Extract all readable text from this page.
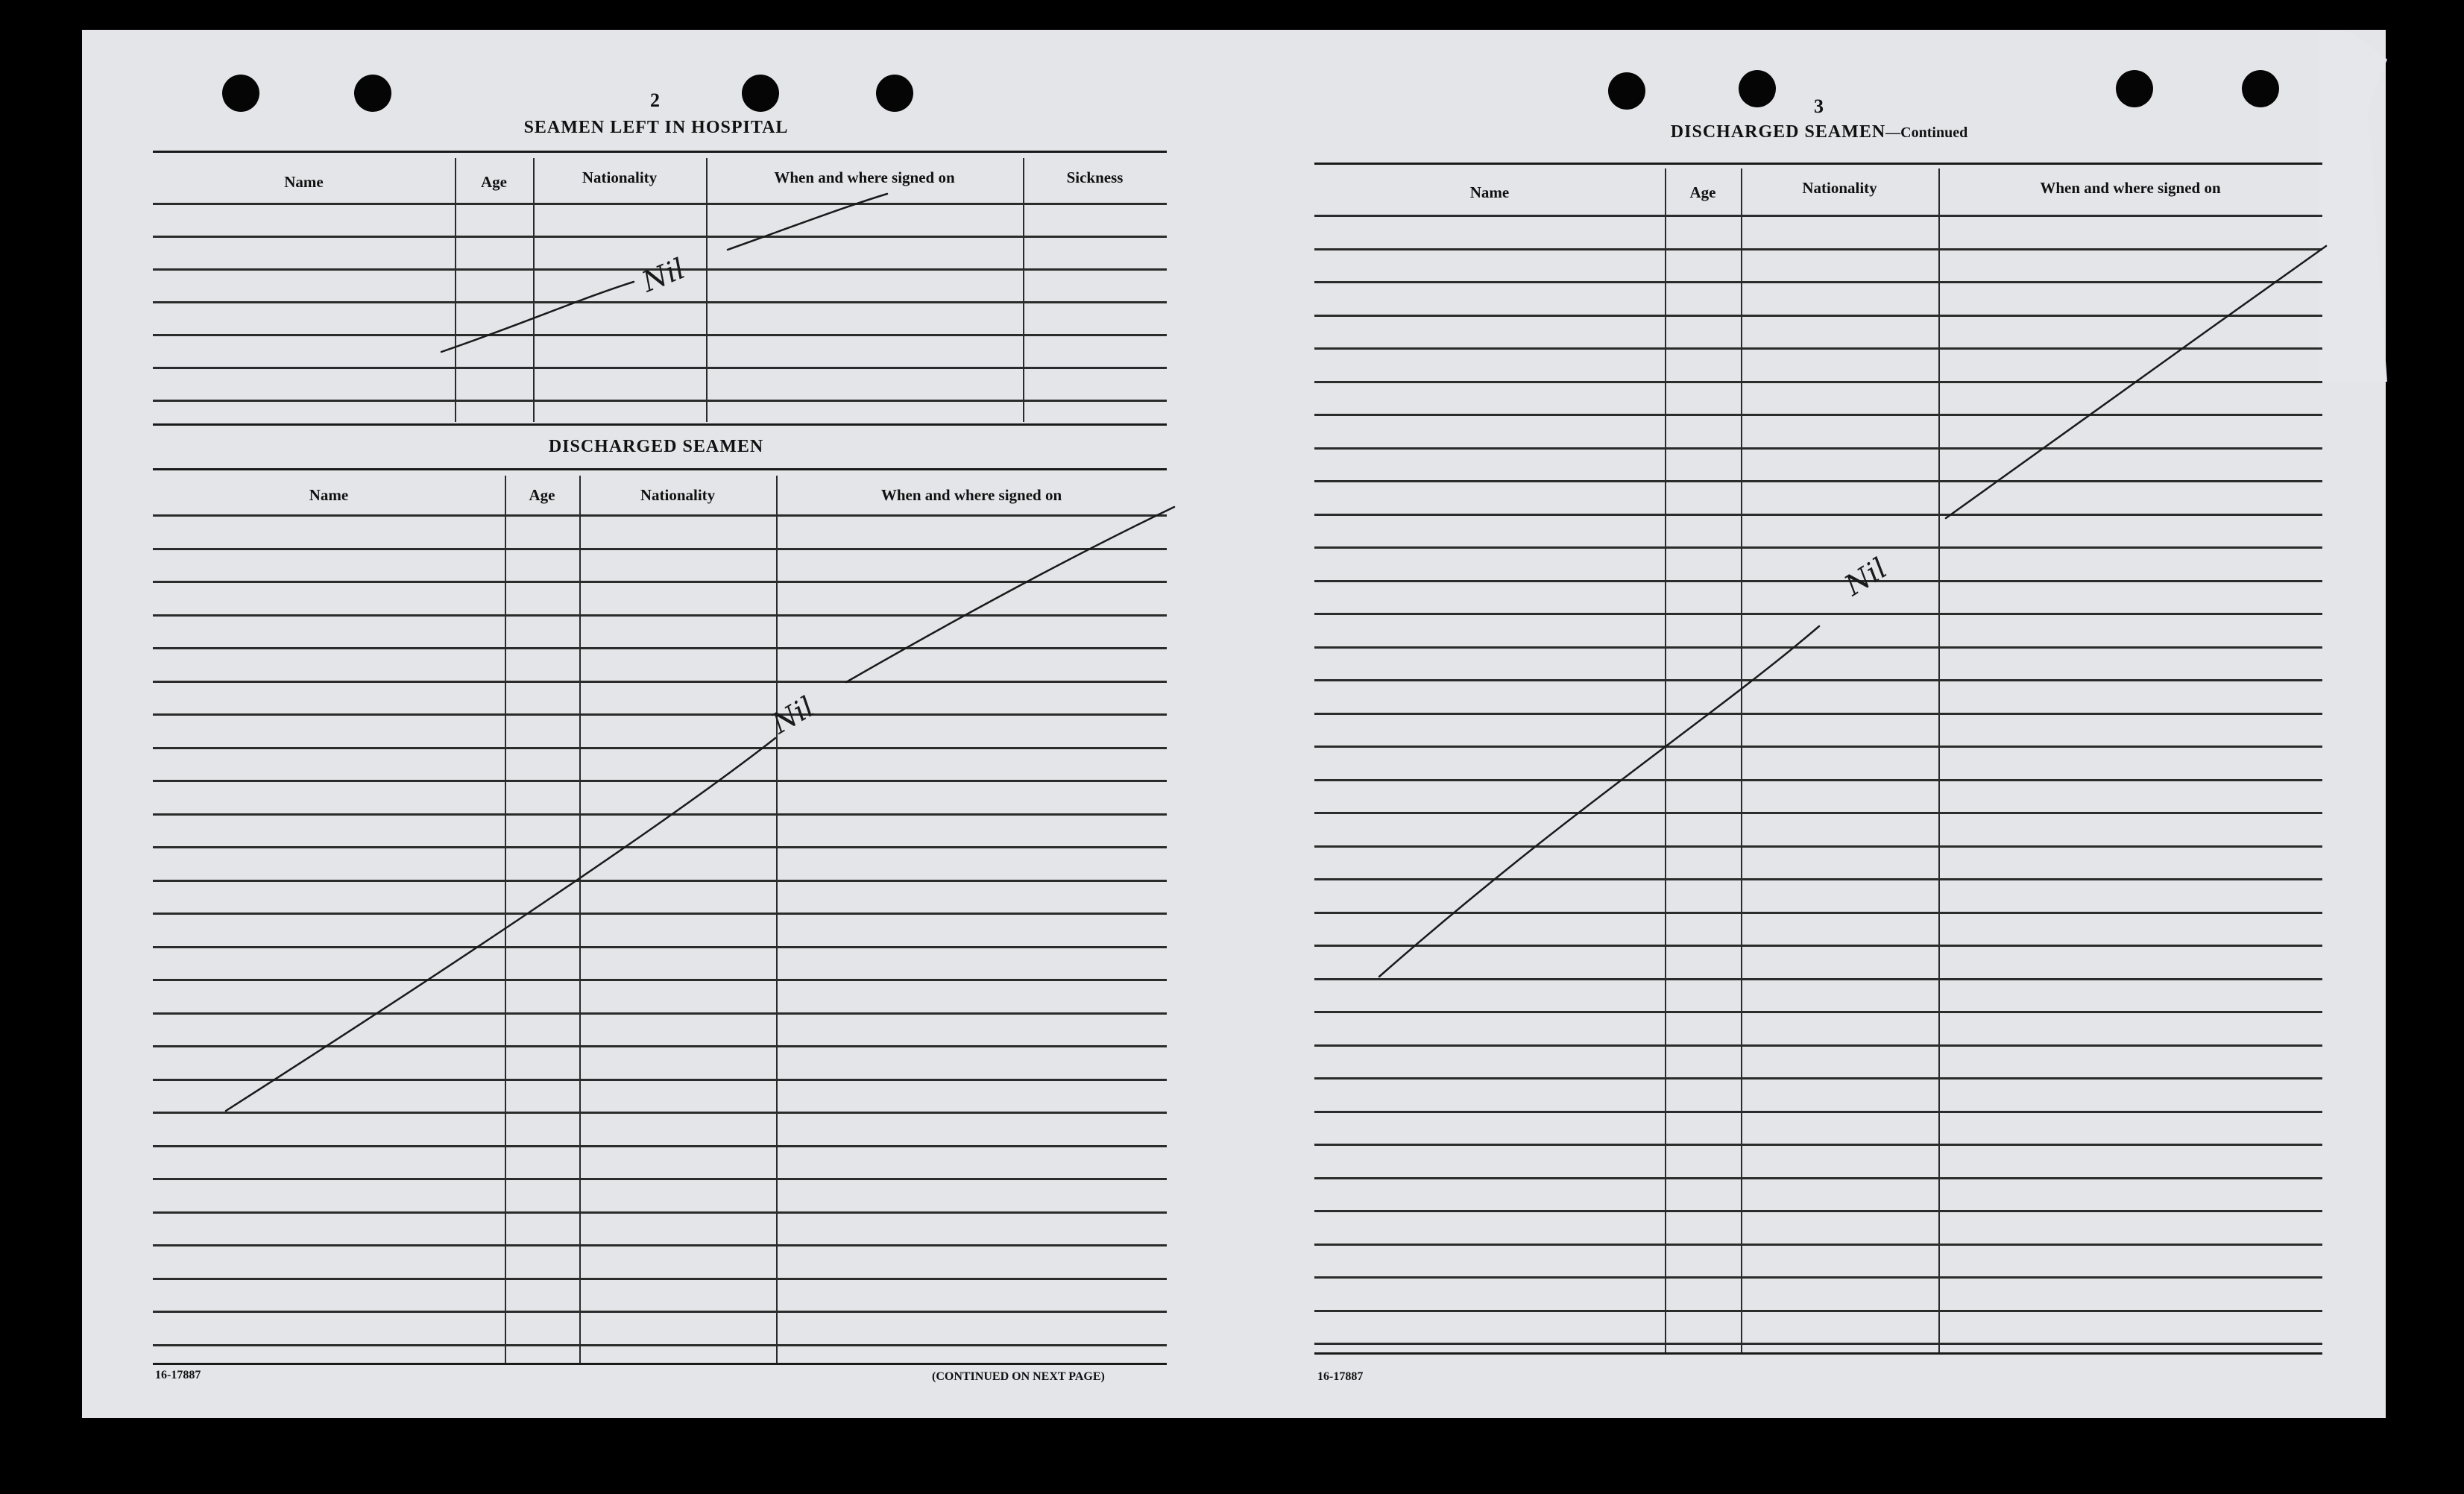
2
SEAMEN LEFT IN HOSPITAL
Name	Age	Nationality	When and where signed on	Sickness
DISCHARGED SEAMEN
Name	Age	Nationality	When and where signed on
16-17887	(CONTINUED ON NEXT PAGE)
3
DISCHARGED SEAMEN—Continued
Name	Age	Nationality	When and where signed on
16-17887
Nil
Nil
Nil
